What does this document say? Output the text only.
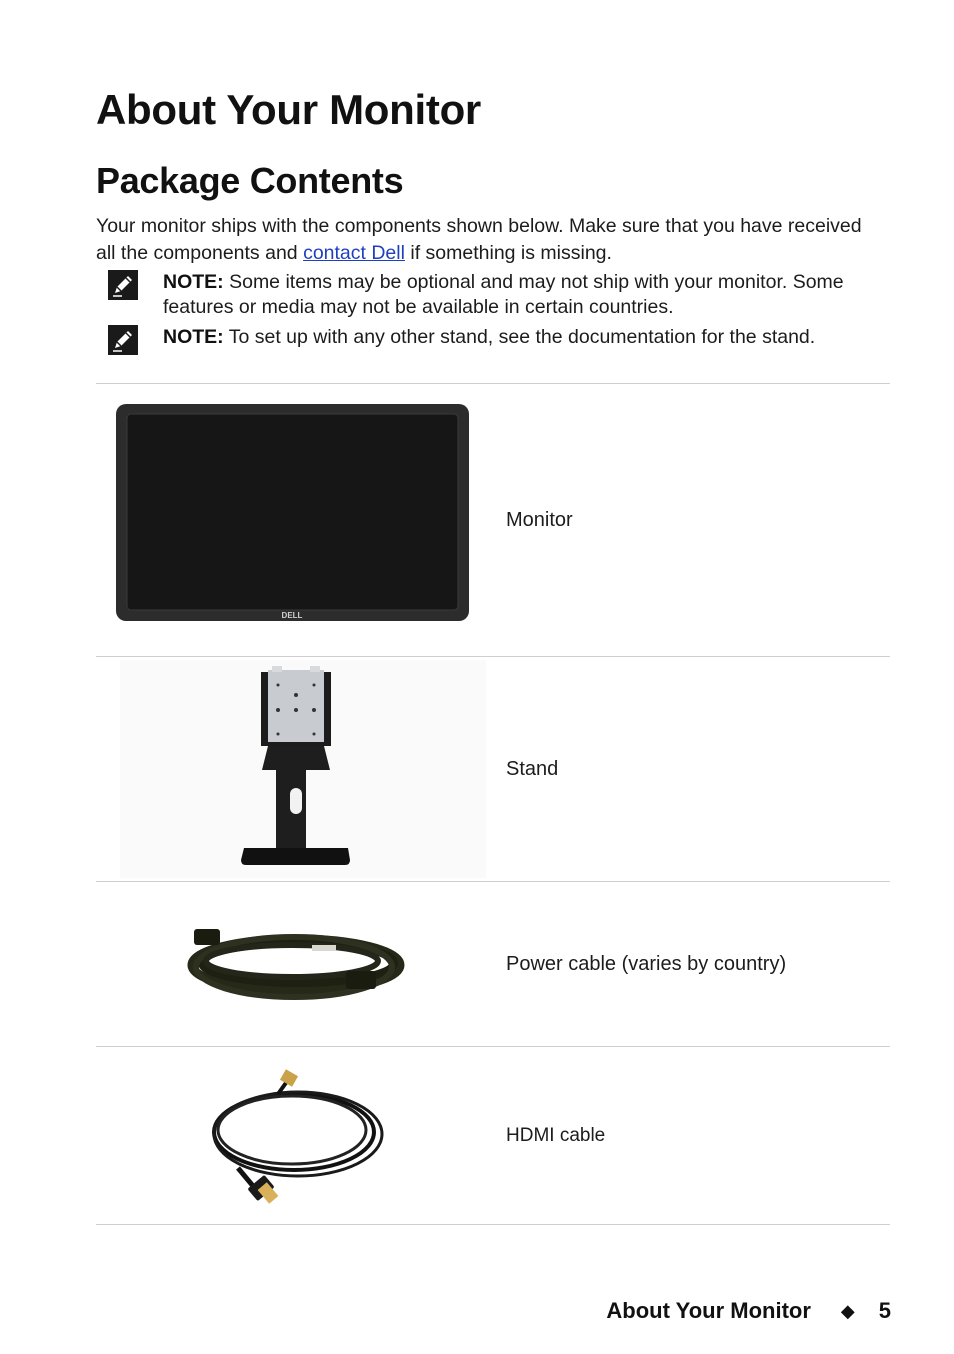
About Your Monitor
Package Contents

Your monitor ships with the components shown below. Make sure that you have received all the components and contact Dell if something is missing.

NOTE: Some items may be optional and may not ship with your monitor. Some features or media may not be available in certain countries.
NOTE: To set up with any other stand, see the documentation for the stand.
DELL
Monitor
Stand
Power cable (varies by country)
HDMI cable
About Your Monitor ◆ 5
